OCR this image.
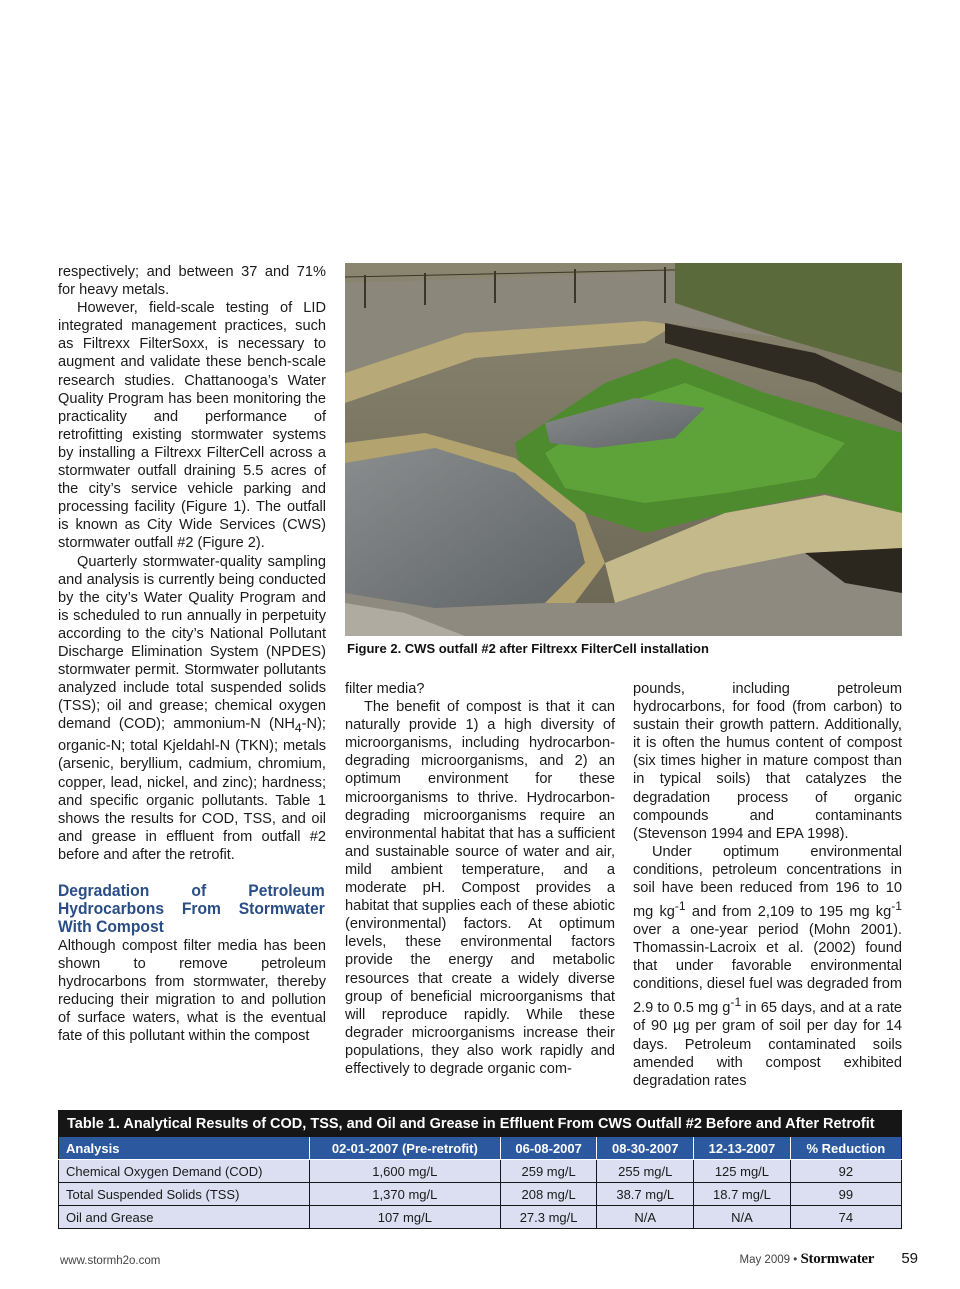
respectively; and between 37 and 71% for heavy metals.

However, field-scale testing of LID integrated management practices, such as Filtrexx FilterSoxx, is necessary to augment and validate these bench-scale research studies. Chattanooga’s Water Quality Program has been monitoring the practicality and performance of retrofitting existing stormwater systems by installing a Filtrexx FilterCell across a stormwater outfall draining 5.5 acres of the city’s service vehicle parking and processing facility (Figure 1). The outfall is known as City Wide Services (CWS) stormwater outfall #2 (Figure 2).

Quarterly stormwater-quality sampling and analysis is currently being conducted by the city’s Water Quality Program and is scheduled to run annually in perpetuity according to the city’s National Pollutant Discharge Elimination System (NPDES) stormwater permit. Stormwater pollutants analyzed include total suspended solids (TSS); oil and grease; chemical oxygen demand (COD); ammonium-N $(NH_4-N)$; organic-N; total Kjeldahl-N (TKN); metals (arsenic, beryllium, cadmium, chromium, copper, lead, nickel, and zinc); hardness; and specific organic pollutants. Table 1 shows the results for COD, TSS, and oil and grease in effluent from outfall #2 before and after the retrofit.

Degradation of Petroleum Hydrocarbons From Stormwater With Compost

Although compost filter media has been shown to remove petroleum hydrocarbons from stormwater, thereby reducing their migration to and pollution of surface waters, what is the eventual fate of this pollutant within the compost

Figure 2. CWS outfall #2 after Filtrexx FilterCell installation

filter media?

The benefit of compost is that it can naturally provide 1) a high diversity of microorganisms, including hydrocarbon-degrading microorganisms, and 2) an optimum environment for these microorganisms to thrive. Hydrocarbon-degrading microorganisms require an environmental habitat that has a sufficient and sustainable source of water and air, mild ambient temperature, and a moderate pH. Compost provides a habitat that supplies each of these abiotic (environmental) factors. At optimum levels, these environmental factors provide the energy and metabolic resources that create a widely diverse group of beneficial microorganisms that will reproduce rapidly. While these degrader microorganisms increase their populations, they also work rapidly and effectively to degrade organic com-

pounds, including petroleum hydrocarbons, for food (from carbon) to sustain their growth pattern. Additionally, it is often the humus content of compost (six times higher in mature compost than in typical soils) that catalyzes the degradation process of organic compounds and contaminants (Stevenson 1994 and EPA 1998).

Under optimum environmental conditions, petroleum concentrations in soil have been reduced from 196 to 10 mg $kg^{-1}$ and from 2,109 to 195 mg $kg^{-1}$ over a one-year period (Mohn 2001). Thomassin-Lacroix et al. (2002) found that under favorable environmental conditions, diesel fuel was degraded from 2.9 to 0.5 mg $g^{-1}$ in 65 days, and at a rate of 90 µg per gram of soil per day for 14 days. Petroleum contaminated soils amended with compost exhibited degradation rates

Table 1. Analytical Results of COD, TSS, and Oil and Grease in Effluent From CWS Outfall #2 Before and After Retrofit					
Analysis	02-01-2007 (Pre-retrofit)	06-08-2007	08-30-2007	12-13-2007	% Reduction
Chemical Oxygen Demand (COD)	1,600 mg/L	259 mg/L	255 mg/L	125 mg/L	92
Total Suspended Solids (TSS)	1,370 mg/L	208 mg/L	38.7 mg/L	18.7 mg/L	99
Oil and Grease	107 mg/L	27.3 mg/L	N/A	N/A	74
www.stormh2o.com	May 2009 • Stormwater 59
